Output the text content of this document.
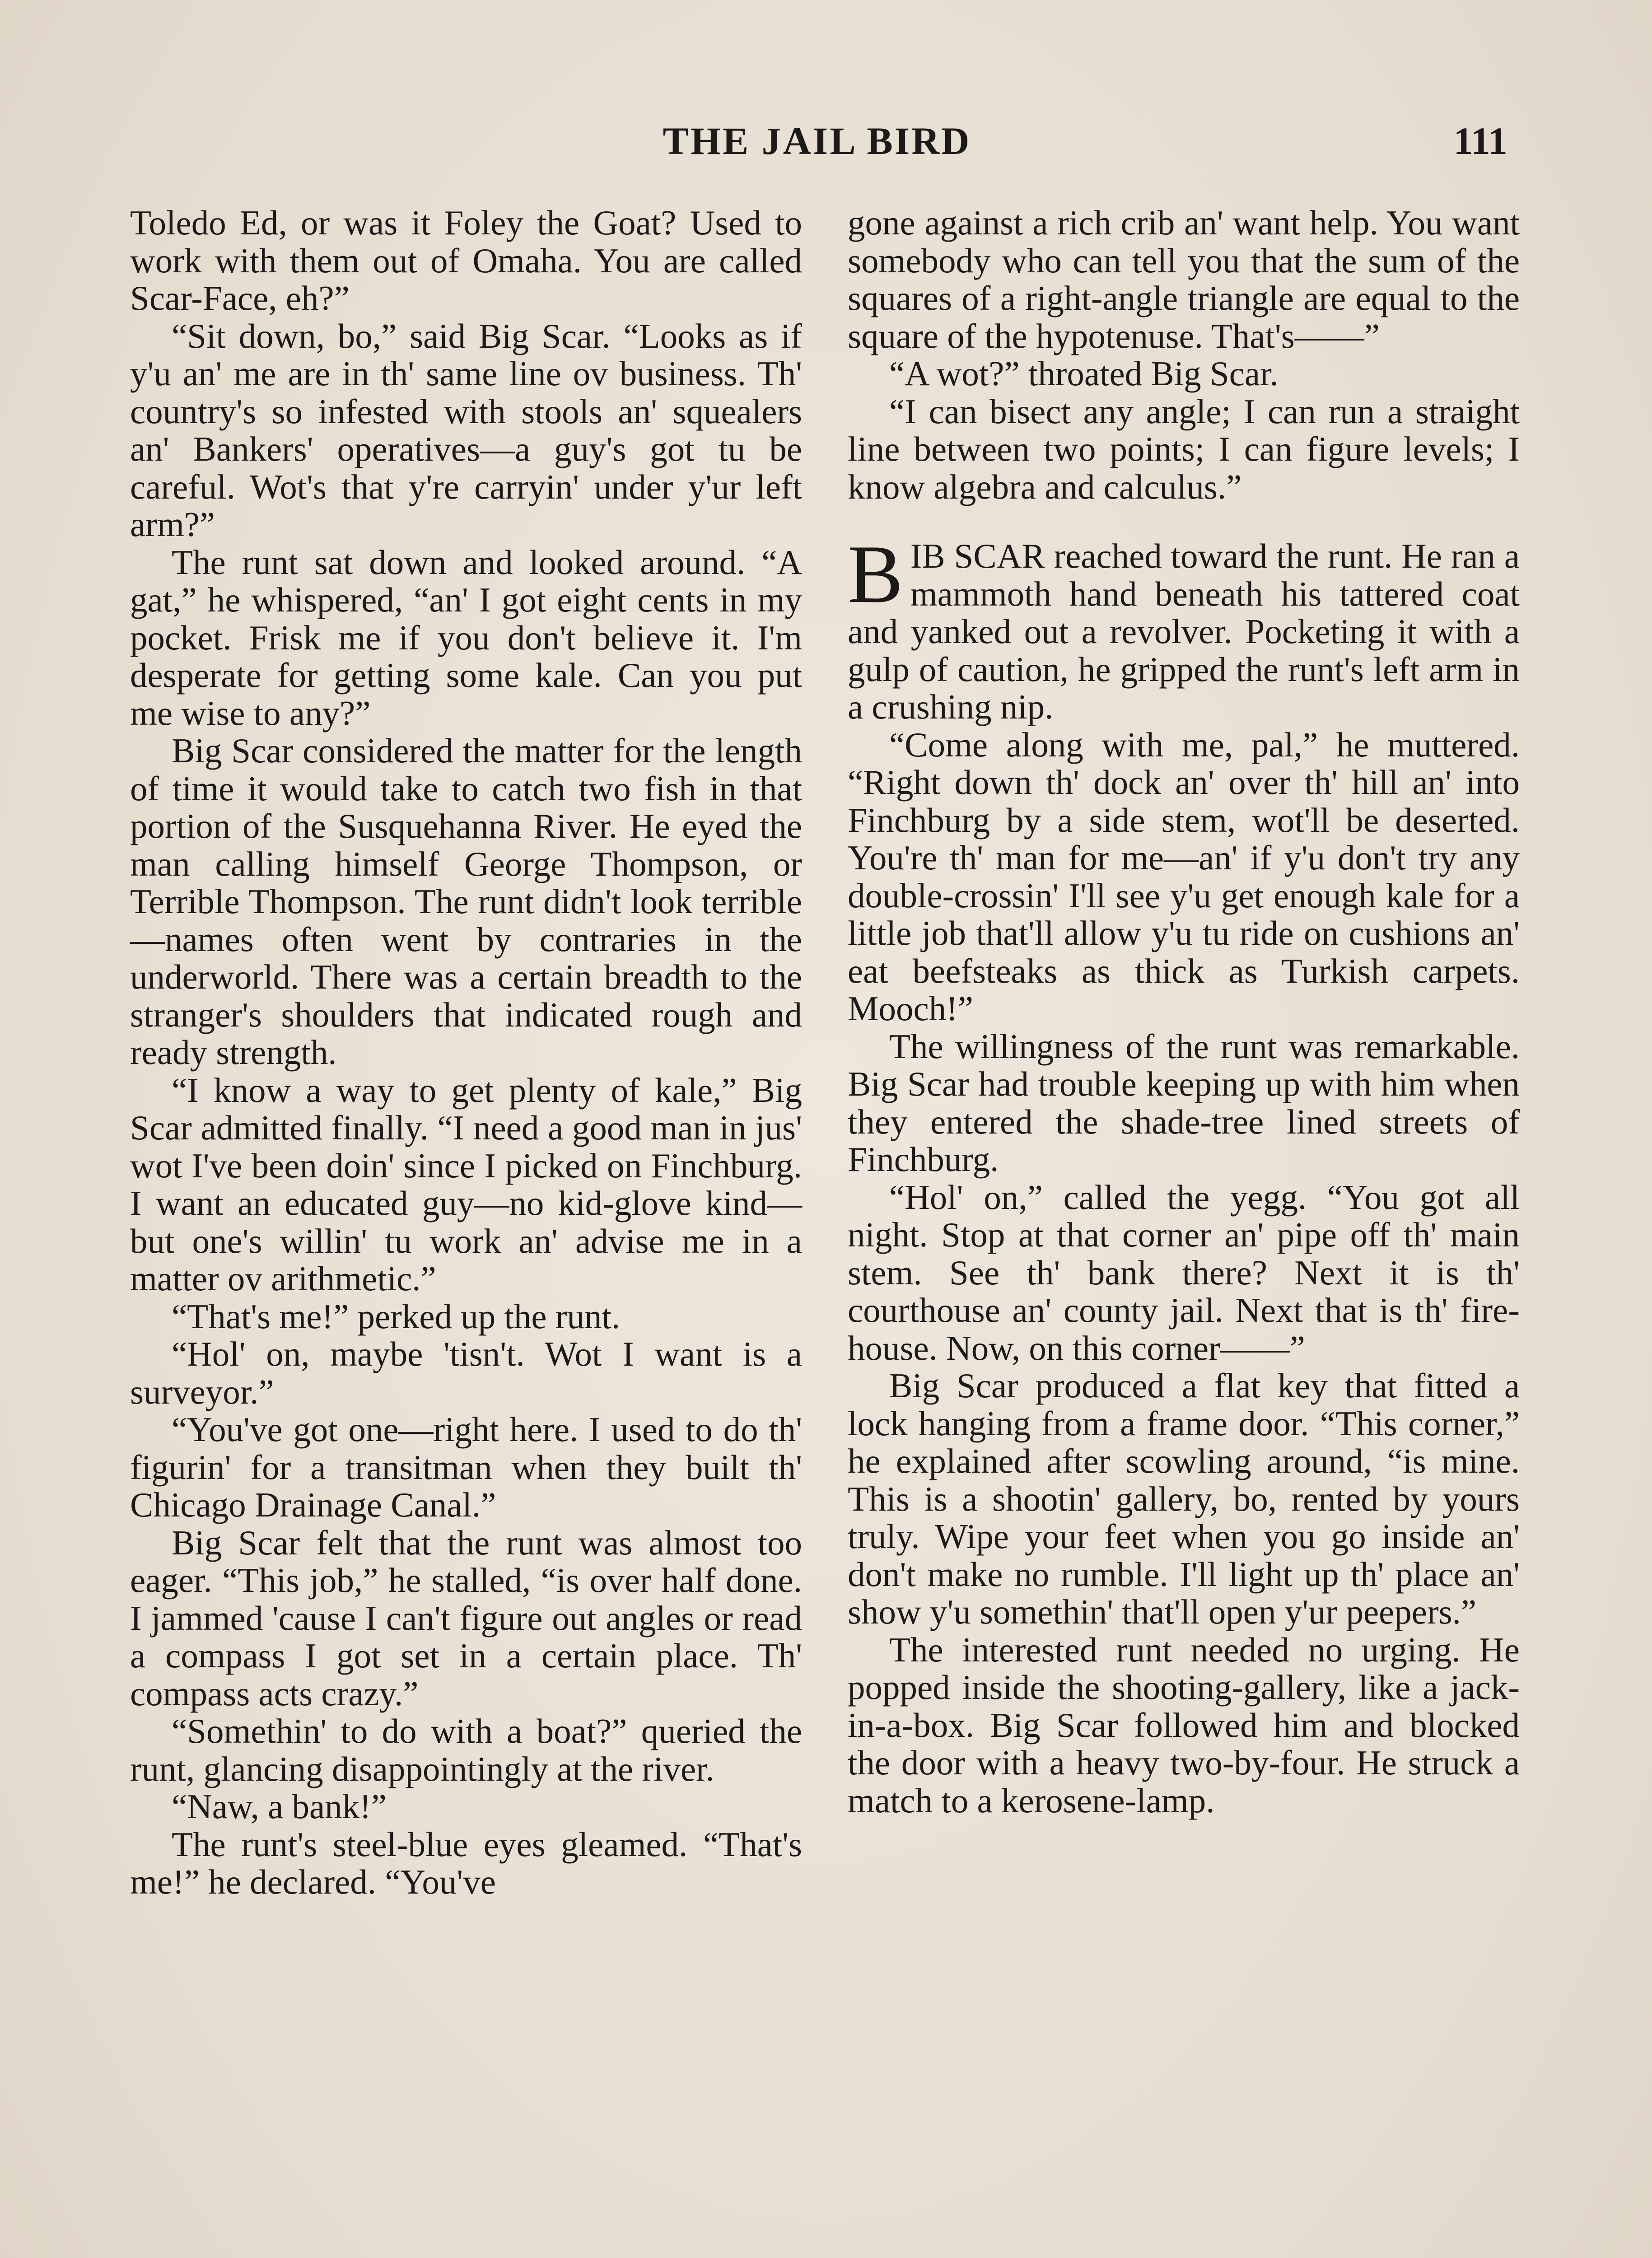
THE JAIL BIRD	111

Toledo Ed, or was it Foley the Goat? Used to work with them out of Omaha. You are called Scar-Face, eh?”

“Sit down, bo,” said Big Scar. “Looks as if y'u an' me are in th' same line ov business. Th' country's so infested with stools an' squealers an' Bankers' operatives—a guy's got tu be careful. Wot's that y're carryin' under y'ur left arm?”

The runt sat down and looked around. “A gat,” he whispered, “an' I got eight cents in my pocket. Frisk me if you don't believe it. I'm desperate for getting some kale. Can you put me wise to any?”

Big Scar considered the matter for the length of time it would take to catch two fish in that portion of the Susquehanna River. He eyed the man calling himself George Thompson, or Terrible Thompson. The runt didn't look terrible—names often went by contraries in the underworld. There was a certain breadth to the stranger's shoulders that indicated rough and ready strength.

“I know a way to get plenty of kale,” Big Scar admitted finally. “I need a good man in jus' wot I've been doin' since I picked on Finchburg. I want an educated guy—no kid-glove kind—but one's willin' tu work an' advise me in a matter ov arithmetic.”

“That's me!” perked up the runt.

“Hol' on, maybe 'tisn't. Wot I want is a surveyor.”

“You've got one—right here. I used to do th' figurin' for a transitman when they built th' Chicago Drainage Canal.”

Big Scar felt that the runt was almost too eager. “This job,” he stalled, “is over half done. I jammed 'cause I can't figure out angles or read a compass I got set in a certain place. Th' compass acts crazy.”

“Somethin' to do with a boat?” queried the runt, glancing disappointingly at the river.

“Naw, a bank!”

The runt's steel-blue eyes gleamed. “That's me!” he declared. “You've

gone against a rich crib an' want help. You want somebody who can tell you that the sum of the squares of a right-angle triangle are equal to the square of the hypotenuse. That's——”

“A wot?” throated Big Scar.

“I can bisect any angle; I can run a straight line between two points; I can figure levels; I know algebra and calculus.”

BIB SCAR reached toward the runt. He ran a mammoth hand beneath his tattered coat and yanked out a revolver. Pocketing it with a gulp of caution, he gripped the runt's left arm in a crushing nip.

“Come along with me, pal,” he muttered. “Right down th' dock an' over th' hill an' into Finchburg by a side stem, wot'll be deserted. You're th' man for me—an' if y'u don't try any double-crossin' I'll see y'u get enough kale for a little job that'll allow y'u tu ride on cushions an' eat beefsteaks as thick as Turkish carpets. Mooch!”

The willingness of the runt was remarkable. Big Scar had trouble keeping up with him when they entered the shade-tree lined streets of Finchburg.

“Hol' on,” called the yegg. “You got all night. Stop at that corner an' pipe off th' main stem. See th' bank there? Next it is th' courthouse an' county jail. Next that is th' fire-house. Now, on this corner——”

Big Scar produced a flat key that fitted a lock hanging from a frame door. “This corner,” he explained after scowling around, “is mine. This is a shootin' gallery, bo, rented by yours truly. Wipe your feet when you go inside an' don't make no rumble. I'll light up th' place an' show y'u somethin' that'll open y'ur peepers.”

The interested runt needed no urging. He popped inside the shooting-gallery, like a jack-in-a-box. Big Scar followed him and blocked the door with a heavy two-by-four. He struck a match to a kerosene-lamp.
